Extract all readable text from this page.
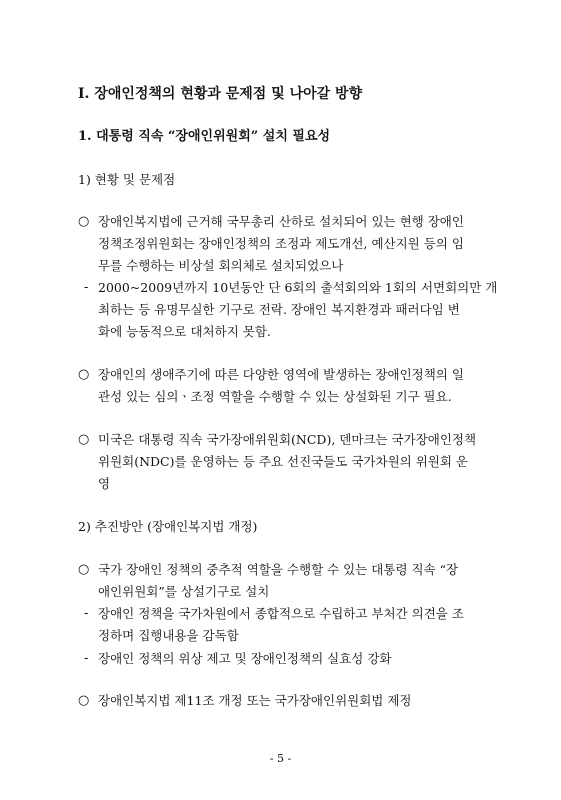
Ⅰ. 장애인정책의 현황과 문제점 및 나아갈 방향
1. 대통령 직속 “장애인위원회” 설치 필요성
1) 현황 및 문제점
○ 장애인복지법에 근거해 국무총리 산하로 설치되어 있는 현행 장애인
정책조정위원회는 장애인정책의 조정과 제도개선, 예산지원 등의 임
무를 수행하는 비상설 회의체로 설치되었으나
- 2000~2009년까지 10년동안 단 6회의 출석회의와 1회의 서면회의만 개
최하는 등 유명무실한 기구로 전락. 장애인 복지환경과 패러다임 변
화에 능동적으로 대처하지 못함.
○ 장애인의 생애주기에 따른 다양한 영역에 발생하는 장애인정책의 일
관성 있는 심의ㆍ조정 역할을 수행할 수 있는 상설화된 기구 필요.
○ 미국은 대통령 직속 국가장애위원회(NCD), 덴마크는 국가장애인정책
위원회(NDC)를 운영하는 등 주요 선진국들도 국가차원의 위원회 운
영
2) 추진방안 (장애인복지법 개정)
○ 국가 장애인 정책의 중추적 역할을 수행할 수 있는 대통령 직속 “장
애인위원회”를 상설기구로 설치
- 장애인 정책을 국가차원에서 종합적으로 수립하고 부처간 의견을 조
정하며 집행내용을 감독함
- 장애인 정책의 위상 제고 및 장애인정책의 실효성 강화
○ 장애인복지법 제11조 개정 또는 국가장애인위원회법 제정
- 5 -
